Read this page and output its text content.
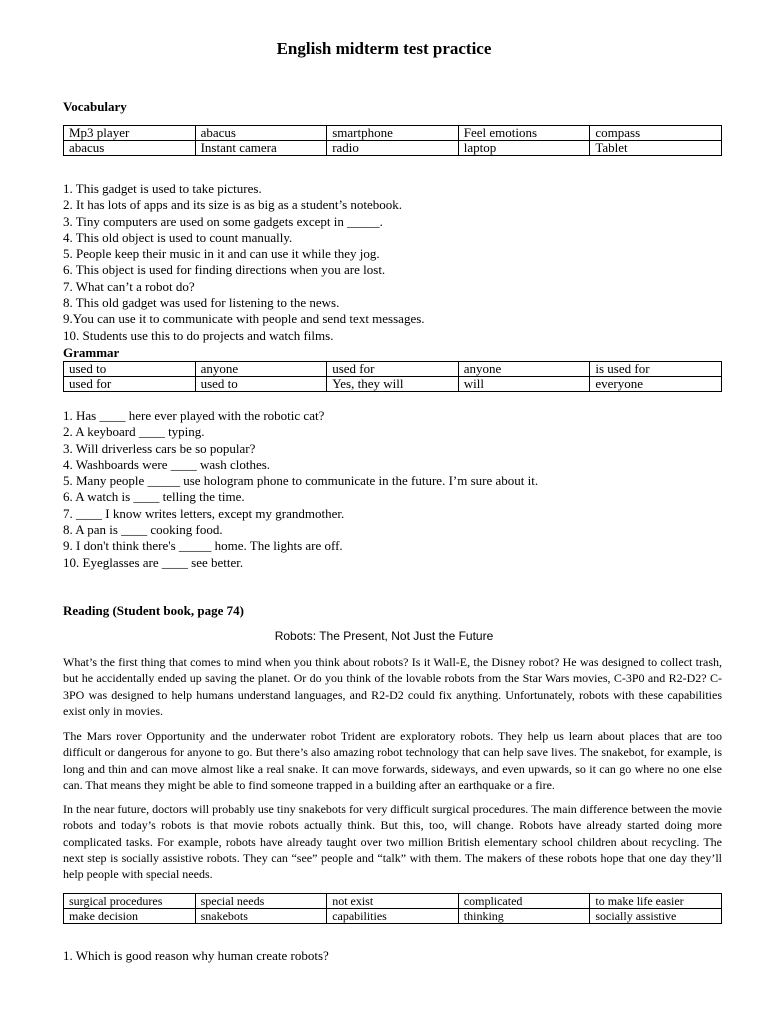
English midterm test practice
Vocabulary
Mp3 player	abacus	smartphone	Feel emotions	compass
abacus	Instant camera	radio	laptop	Tablet
1. This gadget is used to take pictures.
2. It has lots of apps and its size is as big as a student’s notebook.
3. Tiny computers are used on some gadgets except in _____.
4. This old object is used to count manually.
5. People keep their music in it and can use it while they jog.
6. This object is used for finding directions when you are lost.
7. What can’t a robot do?
8. This old gadget was used for listening to the news.
9.You can use it to communicate with people and send text messages.
10. Students use this to do projects and watch films.
Grammar
used to	anyone	used for	anyone	is used for
used for	used to	Yes, they will	will	everyone
1. Has ____ here ever played with the robotic cat?
2. A keyboard ____ typing.
3. Will driverless cars be so popular?
4. Washboards were ____ wash clothes.
5. Many people _____ use hologram phone to communicate in the future. I’m sure about it.
6. A watch is ____ telling the time.
7. ____ I know writes letters, except my grandmother.
8. A pan is ____ cooking food.
9. I don't think there's _____ home. The lights are off.
10. Eyeglasses are ____ see better.
Reading (Student book, page 74)
Robots: The Present, Not Just the Future

What’s the first thing that comes to mind when you think about robots? Is it Wall-E, the Disney robot? He was designed to collect trash, but he accidentally ended up saving the planet. Or do you think of the lovable robots from the Star Wars movies, C-3P0 and R2-D2? C-3PO was designed to help humans understand languages, and R2-D2 could fix anything. Unfortunately, robots with these capabilities exist only in movies.

The Mars rover Opportunity and the underwater robot Trident are exploratory robots. They help us learn about places that are too difficult or dangerous for anyone to go. But there’s also amazing robot technology that can help save lives. The snakebot, for example, is long and thin and can move almost like a real snake. It can move forwards, sideways, and even upwards, so it can go where no one else can. That means they might be able to find someone trapped in a building after an earthquake or a fire.

In the near future, doctors will probably use tiny snakebots for very difficult surgical procedures. The main difference between the movie robots and today’s robots is that movie robots actually think. But this, too, will change. Robots have already started doing more complicated tasks. For example, robots have already taught over two million British elementary school children about recycling. The next step is socially assistive robots. They can “see” people and “talk” with them. The makers of these robots hope that one day they’ll help people with special needs.

surgical procedures	special needs	not exist	complicated	to make life easier
make decision	snakebots	capabilities	thinking	socially assistive
1. Which is good reason why human create robots?
